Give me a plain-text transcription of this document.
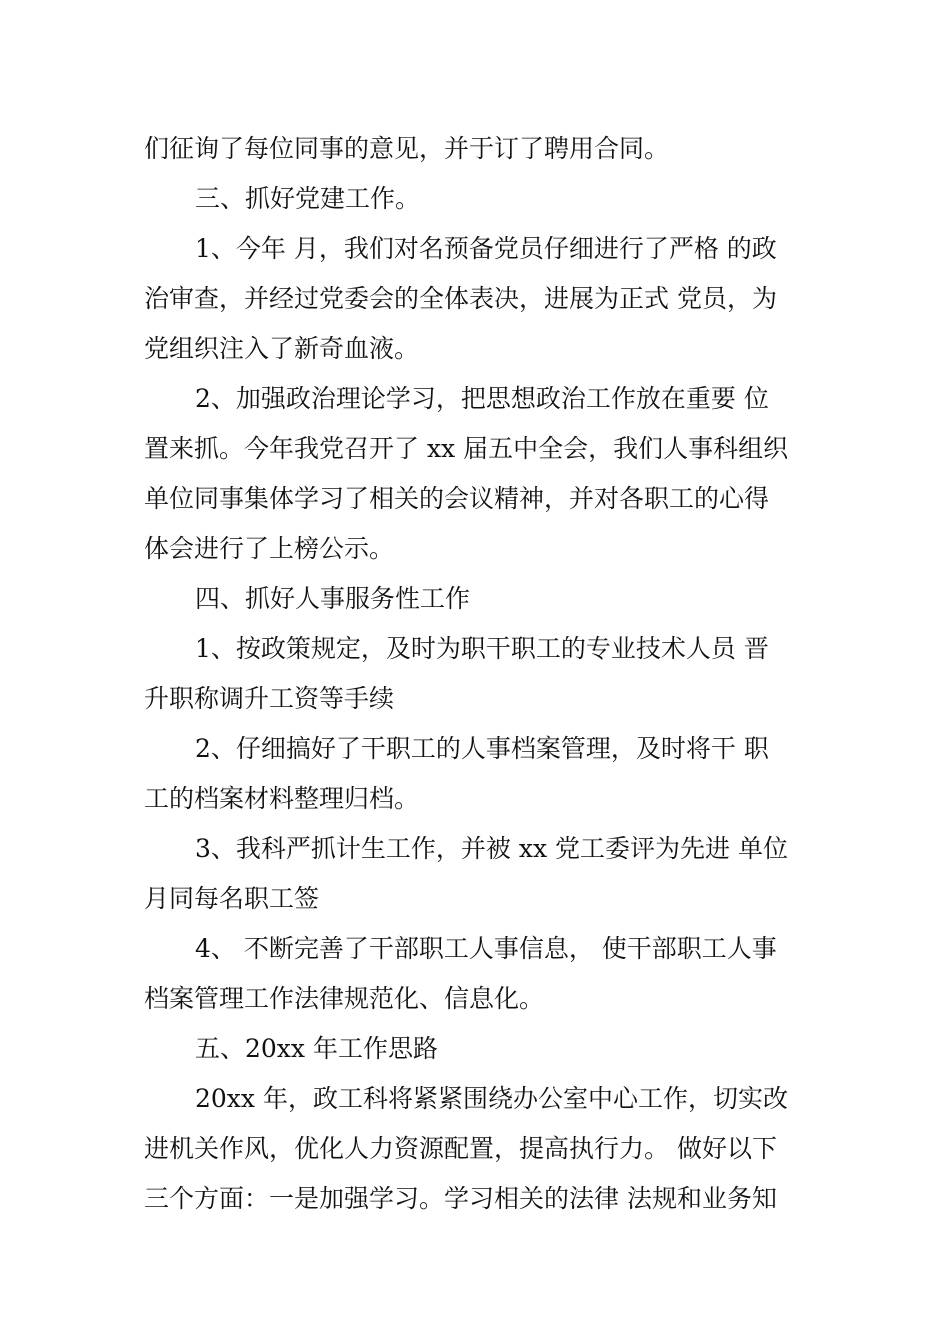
们征询了每位同事的意见，并于订了聘用合同。
三、抓好党建工作。
1、今年 月，我们对名预备党员仔细进行了严格 的政
治审查，并经过党委会的全体表决，进展为正式 党员，为
党组织注入了新奇血液。
2、加强政治理论学习，把思想政治工作放在重要 位
置来抓。今年我党召开了 xx 届五中全会，我们人事科组织
单位同事集体学习了相关的会议精神，并对各职工的心得
体会进行了上榜公示。
四、抓好人事服务性工作
1、按政策规定，及时为职干职工的专业技术人员 晋
升职称调升工资等手续
2、仔细搞好了干职工的人事档案管理，及时将干 职
工的档案材料整理归档。
3、我科严抓计生工作，并被 xx 党工委评为先进 单位
月同每名职工签
4、 不断完善了干部职工人事信息， 使干部职工人事
档案管理工作法律规范化、信息化。
五、20xx 年工作思路
20xx 年，政工科将紧紧围绕办公室中心工作，切实改
进机关作风，优化人力资源配置，提高执行力。 做好以下
三个方面：一是加强学习。学习相关的法律 法规和业务知
